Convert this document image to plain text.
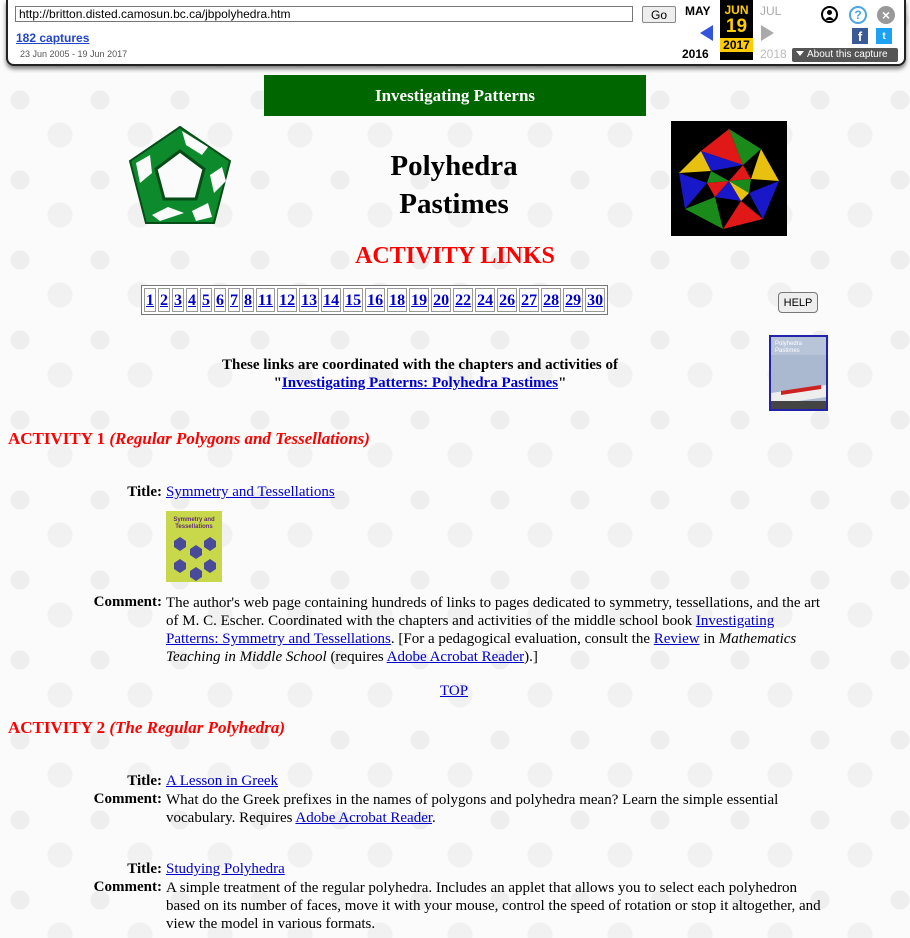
http://britton.disted.camosun.bc.ca/jbpolyhedra.htm
Go
182 captures
23 Jun 2005 - 19 Jun 2017
MAY	JUN
19
2017
JUL
2016	2018
?	×
f	t
About this capture
Investigating Patterns
Polyhedra
Pastimes
ACTIVITY LINKS
1 2 3 4 5 6 7 8 11 12 13 14 15 16 18 19 20 22 24 26 27 28 29 30	HELP
These links are coordinated with the chapters and activities of
"Investigating Patterns: Polyhedra Pastimes"
Polyhedra Pastimes
ACTIVITY 1 (Regular Polygons and Tessellations)
Title: Symmetry and Tessellations
Symmetry and Tessellations
Comment: The author's web page containing hundreds of links to pages dedicated to symmetry, tessellations, and the art of M. C. Escher. Coordinated with the chapters and activities of the middle school book Investigating Patterns: Symmetry and Tessellations. [For a pedagogical evaluation, consult the Review in Mathematics Teaching in Middle School (requires Adobe Acrobat Reader).]
TOP
ACTIVITY 2 (The Regular Polyhedra)
Title: A Lesson in Greek
Comment: What do the Greek prefixes in the names of polygons and polyhedra mean? Learn the simple essential vocabulary. Requires Adobe Acrobat Reader.
Title: Studying Polyhedra
Comment: A simple treatment of the regular polyhedra. Includes an applet that allows you to select each polyhedron based on its number of faces, move it with your mouse, control the speed of rotation or stop it altogether, and view the model in various formats.
